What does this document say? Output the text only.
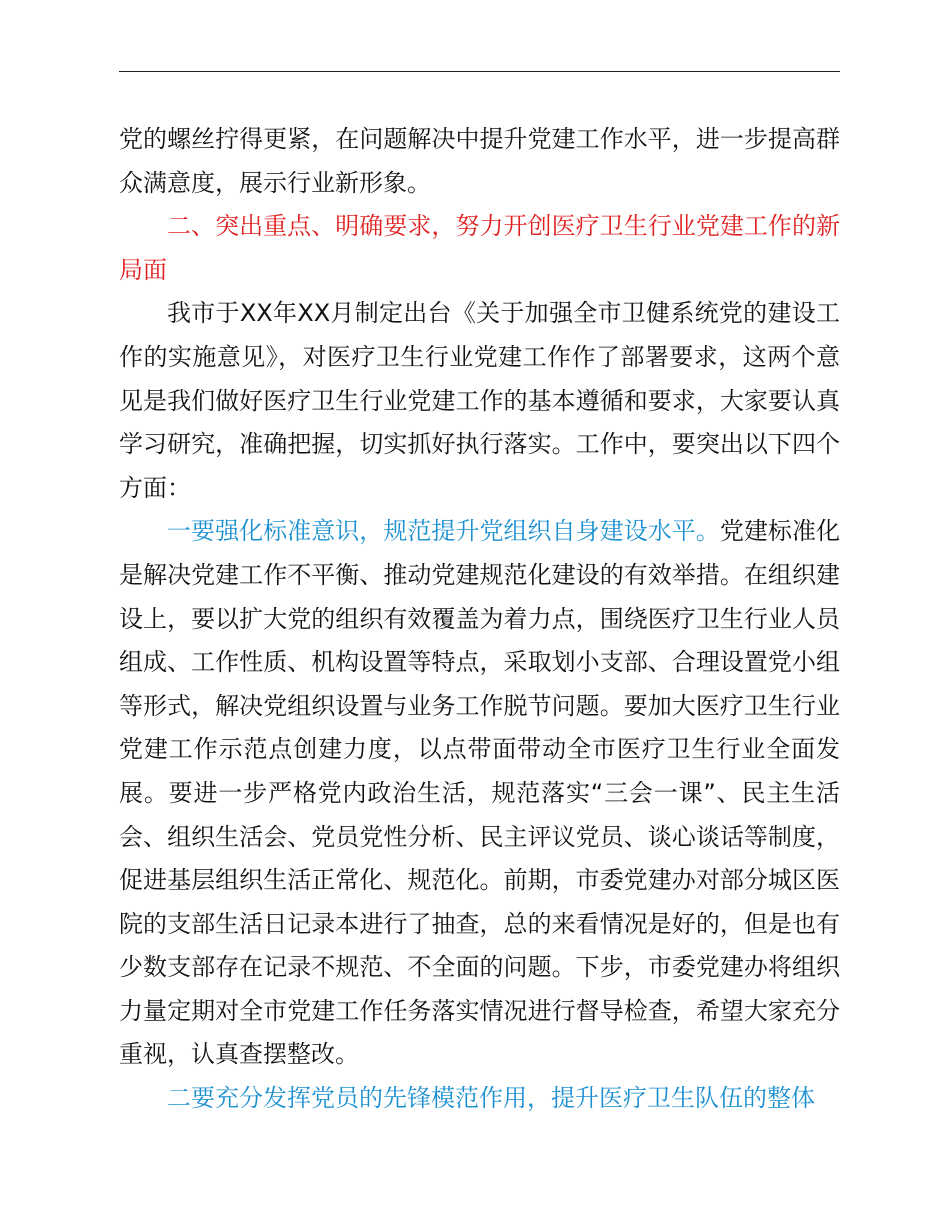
党的螺丝拧得更紧，在问题解决中提升党建工作水平，进一步提高群众满意度，展示行业新形象。

二、突出重点、明确要求，努力开创医疗卫生行业党建工作的新局面

我市于XX年XX月制定出台《关于加强全市卫健系统党的建设工作的实施意见》，对医疗卫生行业党建工作作了部署要求，这两个意见是我们做好医疗卫生行业党建工作的基本遵循和要求，大家要认真学习研究，准确把握，切实抓好执行落实。工作中，要突出以下四个方面：

一要强化标准意识，规范提升党组织自身建设水平。党建标准化是解决党建工作不平衡、推动党建规范化建设的有效举措。在组织建设上，要以扩大党的组织有效覆盖为着力点，围绕医疗卫生行业人员组成、工作性质、机构设置等特点，采取划小支部、合理设置党小组等形式，解决党组织设置与业务工作脱节问题。要加大医疗卫生行业党建工作示范点创建力度，以点带面带动全市医疗卫生行业全面发展。要进一步严格党内政治生活，规范落实“三会一课”、民主生活会、组织生活会、党员党性分析、民主评议党员、谈心谈话等制度，促进基层组织生活正常化、规范化。前期，市委党建办对部分城区医院的支部生活日记录本进行了抽查，总的来看情况是好的，但是也有少数支部存在记录不规范、不全面的问题。下步，市委党建办将组织力量定期对全市党建工作任务落实情况进行督导检查，希望大家充分重视，认真查摆整改。

二要充分发挥党员的先锋模范作用，提升医疗卫生队伍的整体
